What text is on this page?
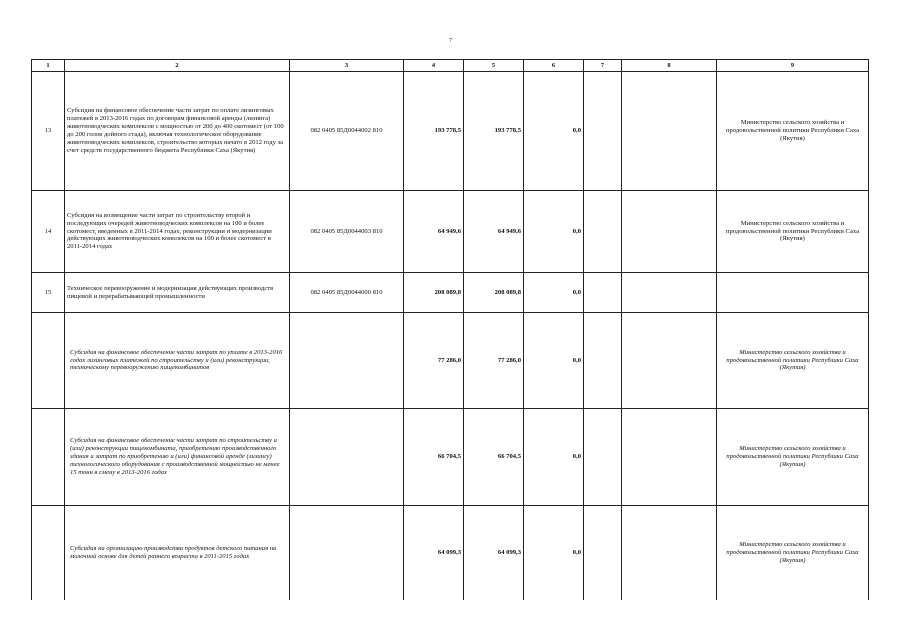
7
1	2	3	4	5	6	7	8	9
13	Субсидия на финансовое обеспечение части затрат по оплате лизинговых платежей в 2013-2016 годах по договорам финансовой аренды (лизинга) животноводческих комплексов с мощностью от 200 до 400 скотомест (от 100 до 200 голов дойного стада), включая технологическое оборудование животноводческих комплексов, строительство которых начато в 2012 году за счет средств государственного бюджета Республики Саха (Якутия)	082 0405 85Д0044002 810	193 778,5	193 778,5	0,0			Министерство сельского хозяйства и продовольственной политики Республики Саха (Якутия)
14	Субсидия на возмещение части затрат по строительству второй и последующих очередей животноводческих комплексов на 100 и более скотомест, введенных в 2011-2014 годах, реконструкции и модернизации действующих животноводческих комплексов на 100 и более скотомест в 2011-2014 годах	082 0405 85Д0044003 810	64 949,6	64 949,6	0,0			Министерство сельского хозяйства и продовольственной политики Республики Саха (Якутия)
15	Техническое перевооружение и модернизация действующих производств пищевой и перерабатывающей промышленности	082 0405 85Д0044000 810	208 089,8	208 089,8	0,0			
	Субсидия на финансовое обеспечение части затрат по уплате в 2013-2016 годах лизинговых платежей по строительству и (или) реконструкции, техническому перевооружению пищекомбинатов		77 286,0	77 286,0	0,0			Министерство сельского хозяйства и продовольственной политики Республики Саха (Якутия)
	Субсидия на финансовое обеспечение части затрат по строительству и (или) реконструкции пищекомбината, приобретению производственного здания и затрат по приобретению и (или) финансовой аренде (лизингу) технологического оборудования с производственной мощностью не менее 15 тонн в смену в 2013-2016 годах		66 704,5	66 704,5	0,0			Министерство сельского хозяйства и продовольственной политики Республики Саха (Якутия)
	Субсидия на организацию производства продуктов детского питания на молочной основе для детей раннего возраста в 2011-2015 годах		64 099,3	64 099,3	0,0			Министерство сельского хозяйства и продовольственной политики Республики Саха (Якутия)
